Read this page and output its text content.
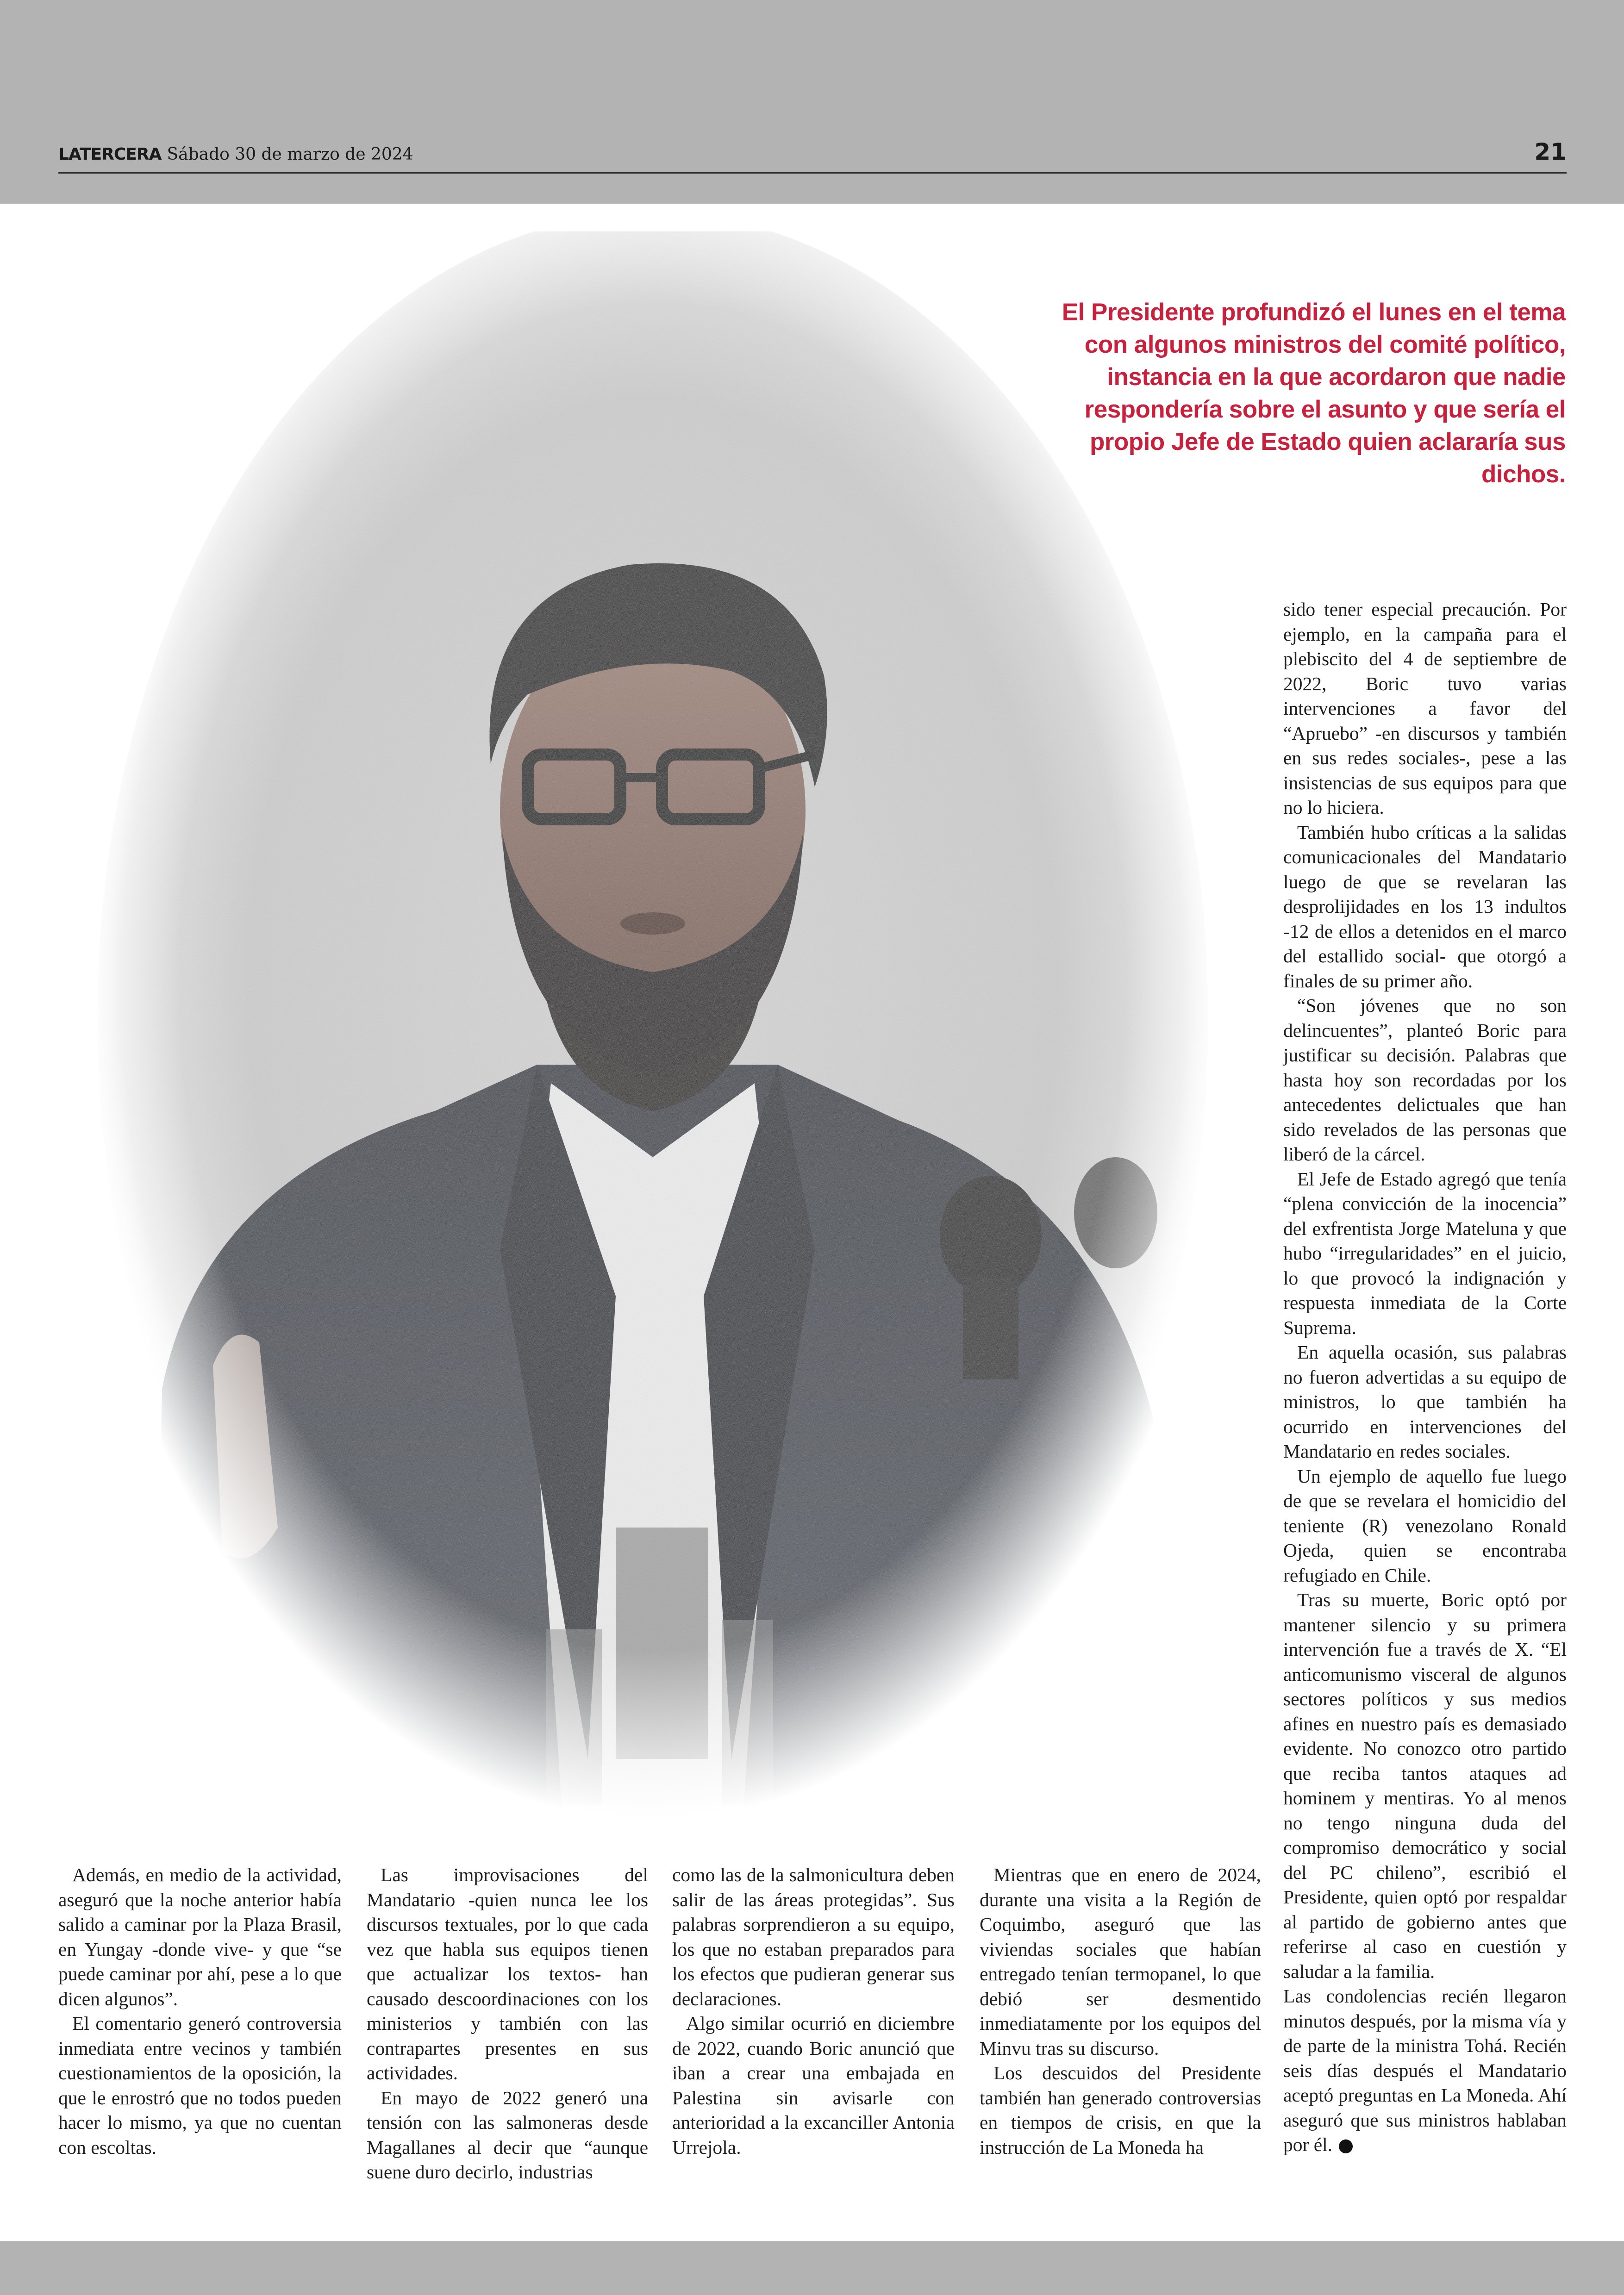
LATERCERA Sábado 30 de marzo de 2024	21
El Presidente profundizó el lunes en el tema con algunos ministros del comité político, instancia en la que acordaron que nadie respondería sobre el asunto y que sería el propio Jefe de Estado quien aclararía sus dichos.

Además, en medio de la actividad, aseguró que la noche anterior había salido a caminar por la Plaza Brasil, en Yungay -donde vive- y que “se puede caminar por ahí, pese a lo que dicen algunos”.

El comentario generó controversia inmediata entre vecinos y también cuestionamientos de la oposición, la que le enrostró que no todos pueden hacer lo mismo, ya que no cuentan con escoltas.

Las improvisaciones del Mandatario -quien nunca lee los discursos textuales, por lo que cada vez que habla sus equipos tienen que actualizar los textos- han causado descoordinaciones con los ministerios y también con las contrapartes presentes en sus actividades.

En mayo de 2022 generó una tensión con las salmoneras desde Magallanes al decir que “aunque suene duro decirlo, industrias

como las de la salmonicultura deben salir de las áreas protegidas”. Sus palabras sorprendieron a su equipo, los que no estaban preparados para los efectos que pudieran generar sus declaraciones.

Algo similar ocurrió en diciembre de 2022, cuando Boric anunció que iban a crear una embajada en Palestina sin avisarle con anterioridad a la excanciller Antonia Urrejola.

Mientras que en enero de 2024, durante una visita a la Región de Coquimbo, aseguró que las viviendas sociales que habían entregado tenían termopanel, lo que debió ser desmentido inmediatamente por los equipos del Minvu tras su discurso.

Los descuidos del Presidente también han generado controversias en tiempos de crisis, en que la instrucción de La Moneda ha

sido tener especial precaución. Por ejemplo, en la campaña para el plebiscito del 4 de septiembre de 2022, Boric tuvo varias intervenciones a favor del “Apruebo” -en discursos y también en sus redes sociales-, pese a las insistencias de sus equipos para que no lo hiciera.

También hubo críticas a la salidas comunicacionales del Mandatario luego de que se revelaran las desprolijidades en los 13 indultos -12 de ellos a detenidos en el marco del estallido social- que otorgó a finales de su primer año.

“Son jóvenes que no son delincuentes”, planteó Boric para justificar su decisión. Palabras que hasta hoy son recordadas por los antecedentes delictuales que han sido revelados de las personas que liberó de la cárcel.

El Jefe de Estado agregó que tenía “plena convicción de la inocencia” del exfrentista Jorge Mateluna y que hubo “irregularidades” en el juicio, lo que provocó la indignación y respuesta inmediata de la Corte Suprema.

En aquella ocasión, sus palabras no fueron advertidas a su equipo de ministros, lo que también ha ocurrido en intervenciones del Mandatario en redes sociales.

Un ejemplo de aquello fue luego de que se revelara el homicidio del teniente (R) venezolano Ronald Ojeda, quien se encontraba refugiado en Chile.

Tras su muerte, Boric optó por mantener silencio y su primera intervención fue a través de X. “El anticomunismo visceral de algunos sectores políticos y sus medios afines en nuestro país es demasiado evidente. No conozco otro partido que reciba tantos ataques ad hominem y mentiras. Yo al menos no tengo ninguna duda del compromiso democrático y social del PC chileno”, escribió el Presidente, quien optó por respaldar al partido de gobierno antes que referirse al caso en cuestión y saludar a la familia.

Las condolencias recién llegaron minutos después, por la misma vía y de parte de la ministra Tohá. Recién seis días después el Mandatario aceptó preguntas en La Moneda. Ahí aseguró que sus ministros hablaban por él.
